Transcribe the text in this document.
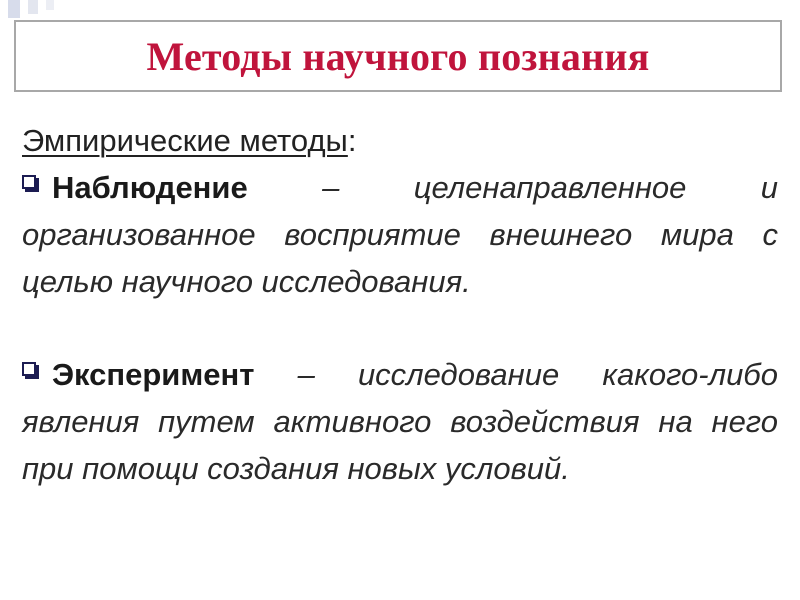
Методы научного познания
Эмпирические методы:
Наблюдение – целенаправленное и организованное восприятие внешнего мира с целью научного исследования.
Эксперимент – исследование какого-либо явления путем активного воздействия на него при помощи создания новых условий.
